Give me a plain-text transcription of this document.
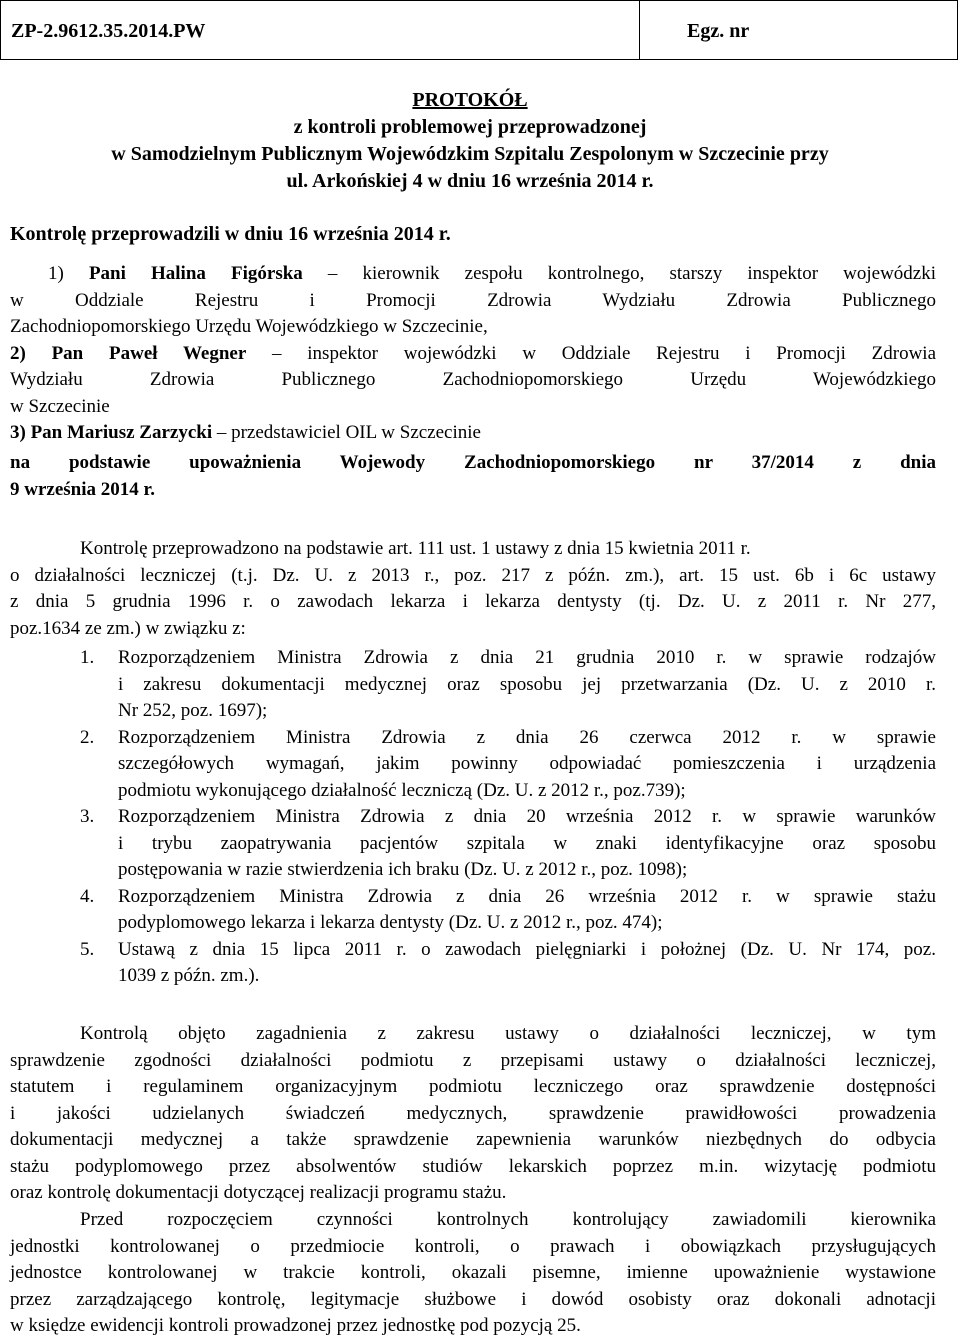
ZP-2.9612.35.2014.PW	Egz. nr
PROTOKÓŁ
z kontroli problemowej przeprowadzonej
w Samodzielnym Publicznym Wojewódzkim Szpitalu Zespolonym w Szczecinie przy
ul. Arkońskiej 4 w dniu 16 września 2014 r.
Kontrolę przeprowadzili w dniu 16 września 2014 r.
1) Pani Halina Figórska – kierownik zespołu kontrolnego, starszy inspektor wojewódzki
w Oddziale Rejestru i Promocji Zdrowia Wydziału Zdrowia Publicznego
Zachodniopomorskiego Urzędu Wojewódzkiego w Szczecinie,
2) Pan Paweł Wegner – inspektor wojewódzki w Oddziale Rejestru i Promocji Zdrowia
Wydziału Zdrowia Publicznego Zachodniopomorskiego Urzędu Wojewódzkiego
w Szczecinie
3) Pan Mariusz Zarzycki – przedstawiciel OIL w Szczecinie
na podstawie upoważnienia Wojewody Zachodniopomorskiego nr 37/2014 z dnia
9 września 2014 r.
Kontrolę przeprowadzono na podstawie art. 111 ust. 1 ustawy z dnia 15 kwietnia 2011 r.
o działalności leczniczej (t.j. Dz. U. z 2013 r., poz. 217 z późn. zm.), art. 15 ust. 6b i 6c ustawy
z dnia 5 grudnia 1996 r. o zawodach lekarza i lekarza dentysty (tj. Dz. U. z 2011 r. Nr 277,
poz.1634 ze zm.) w związku z:
1. Rozporządzeniem Ministra Zdrowia z dnia 21 grudnia 2010 r. w sprawie rodzajów
i zakresu dokumentacji medycznej oraz sposobu jej przetwarzania (Dz. U. z 2010 r.
Nr 252, poz. 1697);
2. Rozporządzeniem Ministra Zdrowia z dnia 26 czerwca 2012 r. w sprawie
szczegółowych wymagań, jakim powinny odpowiadać pomieszczenia i urządzenia
podmiotu wykonującego działalność leczniczą (Dz. U. z 2012 r., poz.739);
3. Rozporządzeniem Ministra Zdrowia z dnia 20 września 2012 r. w sprawie warunków
i trybu zaopatrywania pacjentów szpitala w znaki identyfikacyjne oraz sposobu
postępowania w razie stwierdzenia ich braku (Dz. U. z 2012 r., poz. 1098);
4. Rozporządzeniem Ministra Zdrowia z dnia 26 września 2012 r. w sprawie stażu
podyplomowego lekarza i lekarza dentysty (Dz. U. z 2012 r., poz. 474);
5. Ustawą z dnia 15 lipca 2011 r. o zawodach pielęgniarki i położnej (Dz. U. Nr 174, poz.
1039 z późn. zm.).
Kontrolą objęto zagadnienia z zakresu ustawy o działalności leczniczej, w tym
sprawdzenie zgodności działalności podmiotu z przepisami ustawy o działalności leczniczej,
statutem i regulaminem organizacyjnym podmiotu leczniczego oraz sprawdzenie dostępności
i jakości udzielanych świadczeń medycznych, sprawdzenie prawidłowości prowadzenia
dokumentacji medycznej a także sprawdzenie zapewnienia warunków niezbędnych do odbycia
stażu podyplomowego przez absolwentów studiów lekarskich poprzez m.in. wizytację podmiotu
oraz kontrolę dokumentacji dotyczącej realizacji programu stażu.
Przed rozpoczęciem czynności kontrolnych kontrolujący zawiadomili kierownika
jednostki kontrolowanej o przedmiocie kontroli, o prawach i obowiązkach przysługujących
jednostce kontrolowanej w trakcie kontroli, okazali pisemne, imienne upoważnienie wystawione
przez zarządzającego kontrolę, legitymacje służbowe i dowód osobisty oraz dokonali adnotacji
w księdze ewidencji kontroli prowadzonej przez jednostkę pod pozycją 25.
